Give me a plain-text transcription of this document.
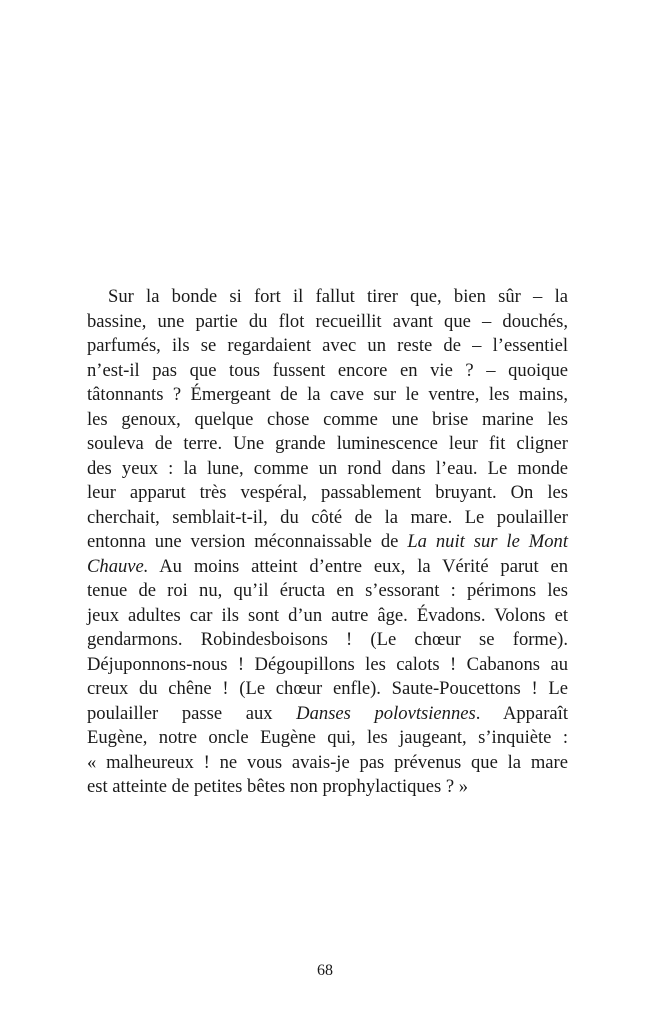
Sur la bonde si fort il fallut tirer que, bien sûr – la
bassine, une partie du flot recueillit avant que – douchés,
parfumés, ils se regardaient avec un reste de – l’essentiel
n’est-il pas que tous fussent encore en vie ? – quoique
tâtonnants ? Émergeant de la cave sur le ventre, les mains,
les genoux, quelque chose comme une brise marine les
souleva de terre. Une grande luminescence leur fit cligner
des yeux : la lune, comme un rond dans l’eau. Le monde
leur apparut très vespéral, passablement bruyant. On les
cherchait, semblait-t-il, du côté de la mare. Le poulailler
entonna une version méconnaissable de La nuit sur le Mont
Chauve. Au moins atteint d’entre eux, la Vérité parut en
tenue de roi nu, qu’il éructa en s’essorant : périmons les
jeux adultes car ils sont d’un autre âge. Évadons. Volons et
gendarmons. Robindesboisons ! (Le chœur se forme).
Déjuponnons-nous ! Dégoupillons les calots ! Cabanons au
creux du chêne ! (Le chœur enfle). Saute-Poucettons ! Le
poulailler passe aux Danses polovtsiennes. Apparaît
Eugène, notre oncle Eugène qui, les jaugeant, s’inquiète :
« malheureux ! ne vous avais-je pas prévenus que la mare
est atteinte de petites bêtes non prophylactiques ? »
68
